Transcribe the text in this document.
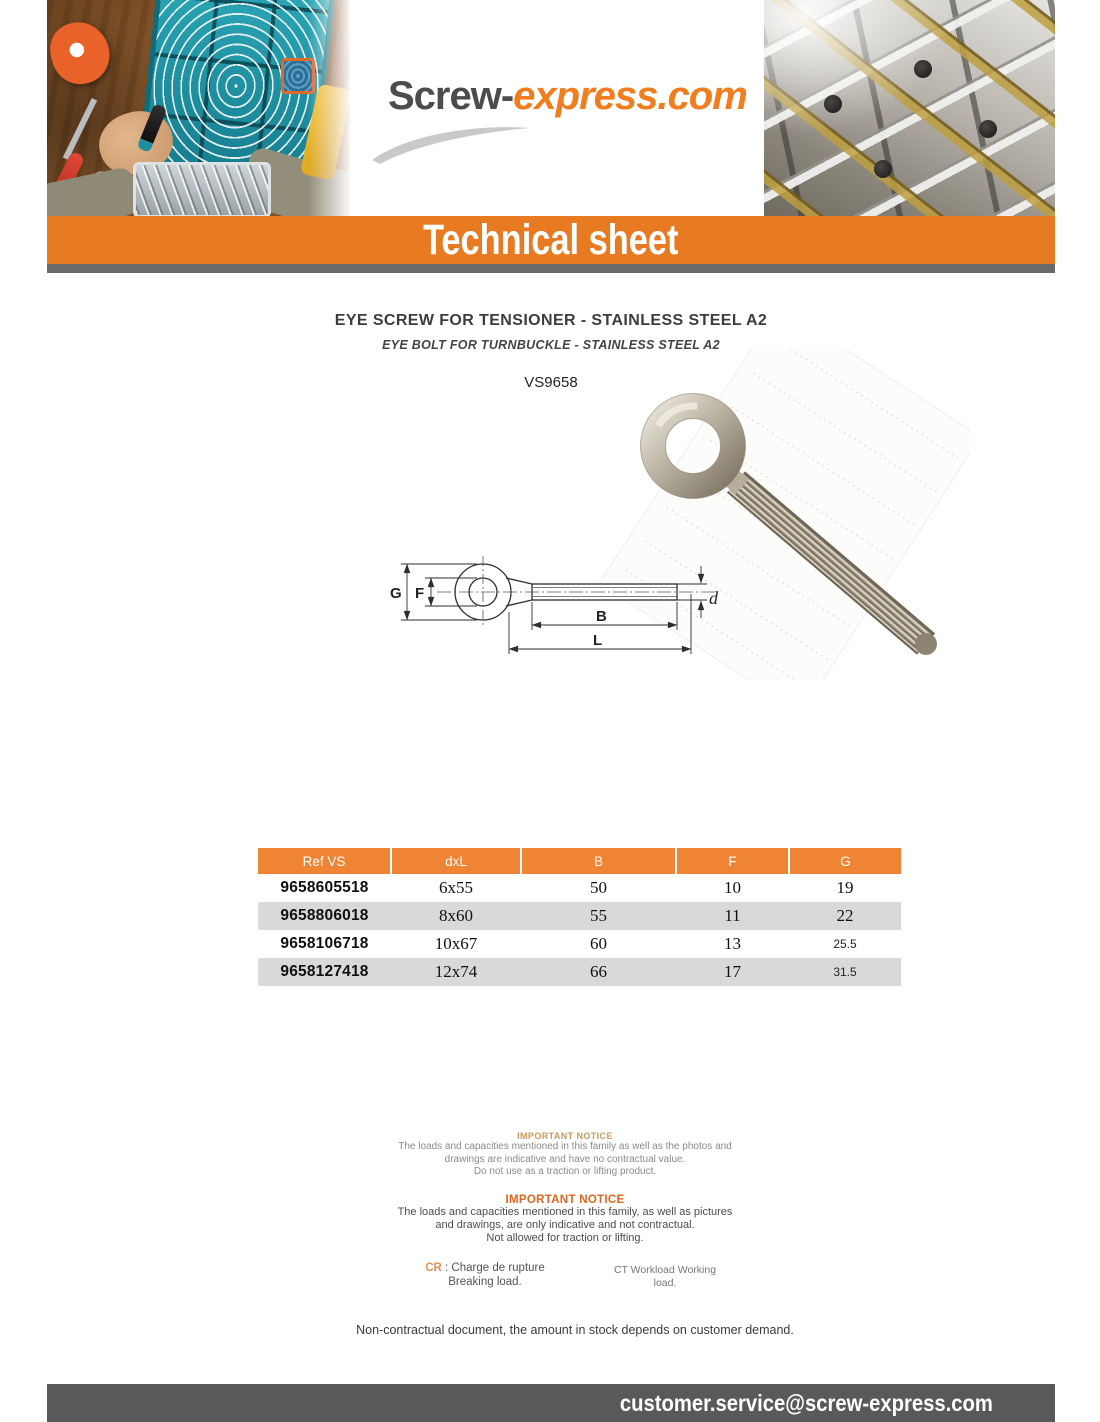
Screw-express.com
Technical sheet
EYE SCREW FOR TENSIONER - STAINLESS STEEL A2
EYE BOLT FOR TURNBUCKLE - STAINLESS STEEL A2
VS9658
G F
B
L
d
Ref VS	dxL	B	F	G
9658605518	6x55	50	10	19
9658806018	8x60	55	11	22
9658106718	10x67	60	13	25.5
9658127418	12x74	66	17	31.5
IMPORTANT NOTICE
The loads and capacities mentioned in this family as well as the photos and
drawings are indicative and have no contractual value.
Do not use as a traction or lifting product.
IMPORTANT NOTICE
The loads and capacities mentioned in this family, as well as pictures
and drawings, are only indicative and not contractual.
Not allowed for traction or lifting.
CR : Charge de rupture
Breaking load.
CT Workload Working
load.
Non-contractual document, the amount in stock depends on customer demand.
customer.service@screw-express.com
